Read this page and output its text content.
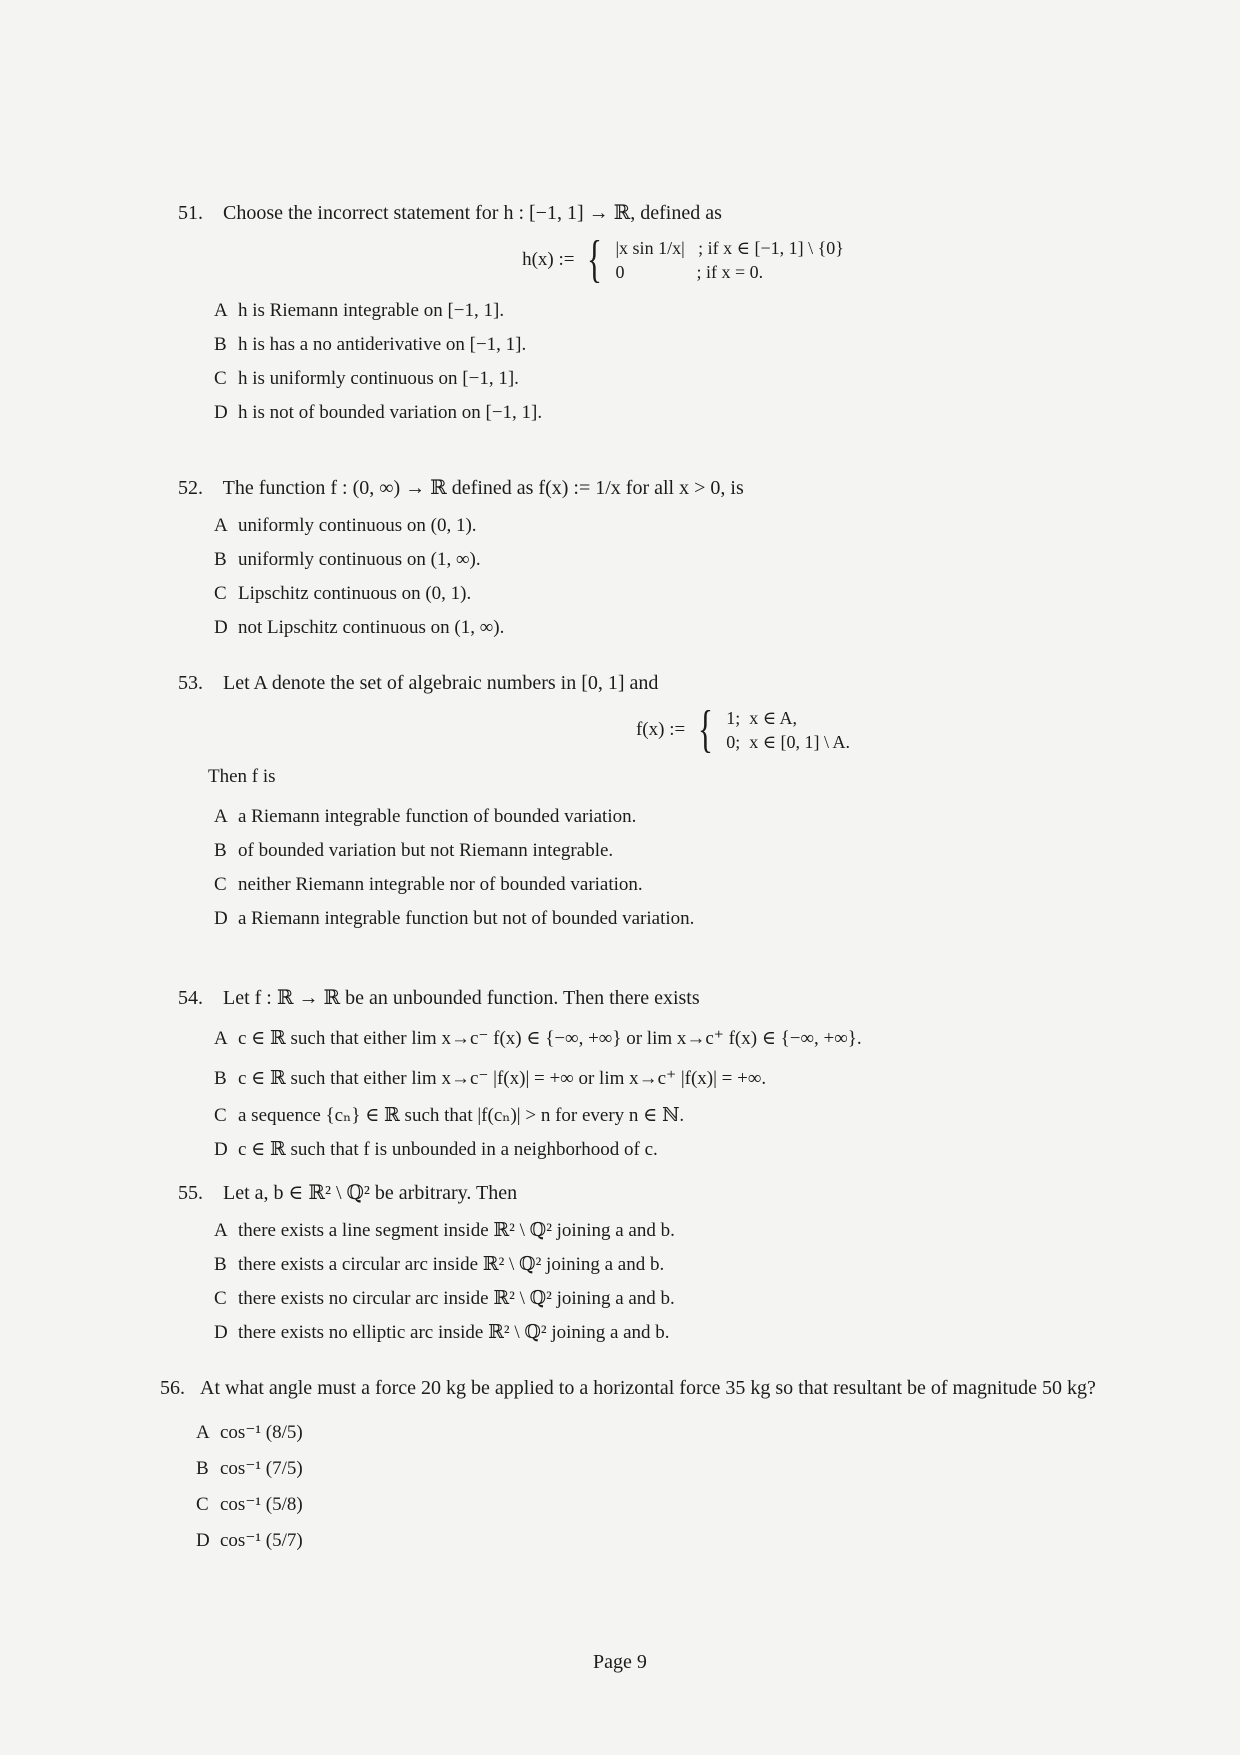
51. Choose the incorrect statement for h : [−1, 1] → ℝ, defined as
h(x) := { |x sin 1/x|   ; if x ∈ [−1, 1] \ {0}
0                ; if x = 0.
A h is Riemann integrable on [−1, 1].
B h is has a no antiderivative on [−1, 1].
C h is uniformly continuous on [−1, 1].
D h is not of bounded variation on [−1, 1].
52. The function f : (0, ∞) → ℝ defined as f(x) := 1/x for all x > 0, is
A uniformly continuous on (0, 1).
B uniformly continuous on (1, ∞).
C Lipschitz continuous on (0, 1).
D not Lipschitz continuous on (1, ∞).
53. Let A denote the set of algebraic numbers in [0, 1] and
f(x) := { 1;  x ∈ A,
0;  x ∈ [0, 1] \ A.
Then f is
A a Riemann integrable function of bounded variation.
B of bounded variation but not Riemann integrable.
C neither Riemann integrable nor of bounded variation.
D a Riemann integrable function but not of bounded variation.
54. Let f : ℝ → ℝ be an unbounded function. Then there exists
A c ∈ ℝ such that either lim x→c⁻ f(x) ∈ {−∞, +∞} or lim x→c⁺ f(x) ∈ {−∞, +∞}.
B c ∈ ℝ such that either lim x→c⁻ |f(x)| = +∞ or lim x→c⁺ |f(x)| = +∞.
C a sequence {cₙ} ∈ ℝ such that |f(cₙ)| > n for every n ∈ ℕ.
D c ∈ ℝ such that f is unbounded in a neighborhood of c.
55. Let a, b ∈ ℝ² \ ℚ² be arbitrary. Then
A there exists a line segment inside ℝ² \ ℚ² joining a and b.
B there exists a circular arc inside ℝ² \ ℚ² joining a and b.
C there exists no circular arc inside ℝ² \ ℚ² joining a and b.
D there exists no elliptic arc inside ℝ² \ ℚ² joining a and b.
56. At what angle must a force 20 kg be applied to a horizontal force 35 kg so that resultant be of magnitude 50 kg?
A cos⁻¹ (8/5)
B cos⁻¹ (7/5)
C cos⁻¹ (5/8)
D cos⁻¹ (5/7)
Page 9
